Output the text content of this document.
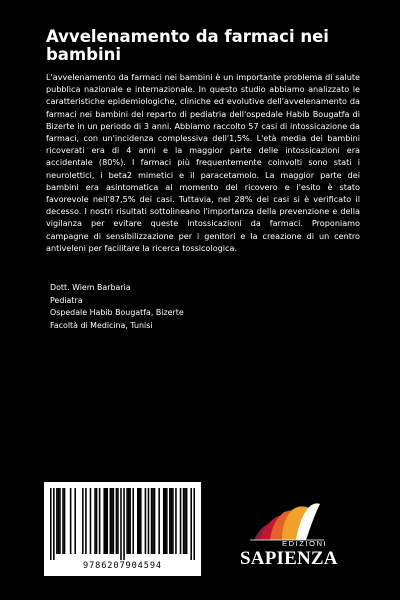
Avvelenamento da farmaci nei bambini

L'avvelenamento da farmaci nei bambini è un importante problema di salute pubblica nazionale e internazionale. In questo studio abbiamo analizzato le caratteristiche epidemiologiche, cliniche ed evolutive dell'avvelenamento da farmaci nei bambini del reparto di pediatria dell'ospedale Habib Bougatfa di Bizerte in un periodo di 3 anni. Abbiamo raccolto 57 casi di intossicazione da farmaci, con un'incidenza complessiva dell'1,5%. L'età media dei bambini ricoverati era di 4 anni e la maggior parte delle intossicazioni era accidentale (80%). I farmaci più frequentemente coinvolti sono stati i neurolettici, i beta2 mimetici e il paracetamolo. La maggior parte dei bambini era asintomatica al momento del ricovero e l'esito è stato favorevole nell'87,5% dei casi. Tuttavia, nel 28% dei casi si è verificato il decesso. I nostri risultati sottolineano l'importanza della prevenzione e della vigilanza per evitare queste intossicazioni da farmaci. Proponiamo campagne di sensibilizzazione per i genitori e la creazione di un centro antiveleni per facilitare la ricerca tossicologica.

Dott. Wiem Barbaria
Pediatra
Ospedale Habib Bougatfa, Bizerte
Facoltà di Medicina, Tunisi
9786207904594
EDIZIONI
SAPIENZA
